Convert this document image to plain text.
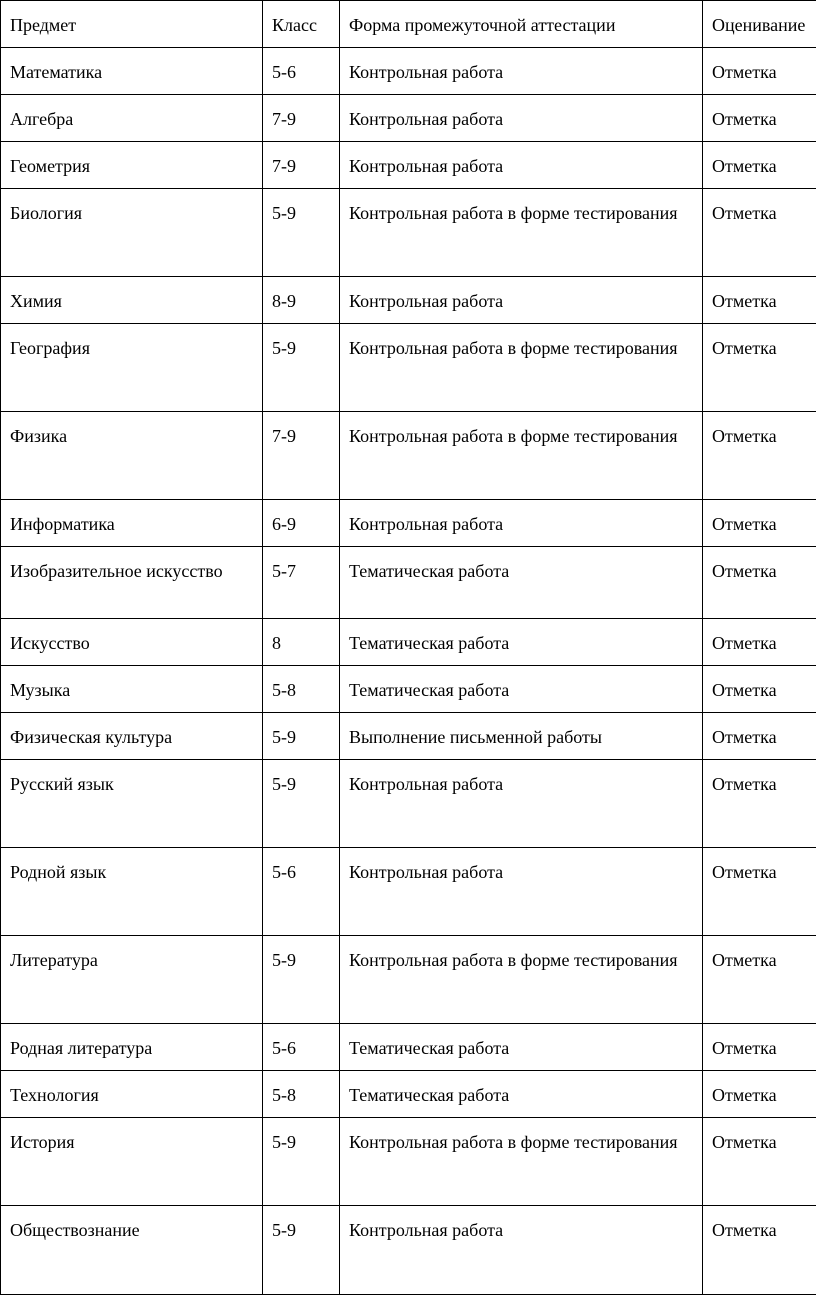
Предмет	Класс	Форма промежуточной аттестации	Оценивание
Математика	5-6	Контрольная работа	Отметка
Алгебра	7-9	Контрольная работа	Отметка
Геометрия	7-9	Контрольная работа	Отметка
Биология	5-9	Контрольная работа в форме тестирования	Отметка
Химия	8-9	Контрольная работа	Отметка
География	5-9	Контрольная работа в форме тестирования	Отметка
Физика	7-9	Контрольная работа в форме тестирования	Отметка
Информатика	6-9	Контрольная работа	Отметка
Изобразительное искусство	5-7	Тематическая работа	Отметка
Искусство	8	Тематическая работа	Отметка
Музыка	5-8	Тематическая работа	Отметка
Физическая культура	5-9	Выполнение письменной работы	Отметка
Русский язык	5-9	Контрольная работа	Отметка
Родной язык	5-6	Контрольная работа	Отметка
Литература	5-9	Контрольная работа в форме тестирования	Отметка
Родная литература	5-6	Тематическая работа	Отметка
Технология	5-8	Тематическая работа	Отметка
История	5-9	Контрольная работа в форме тестирования	Отметка
Обществознание	5-9	Контрольная работа	Отметка
